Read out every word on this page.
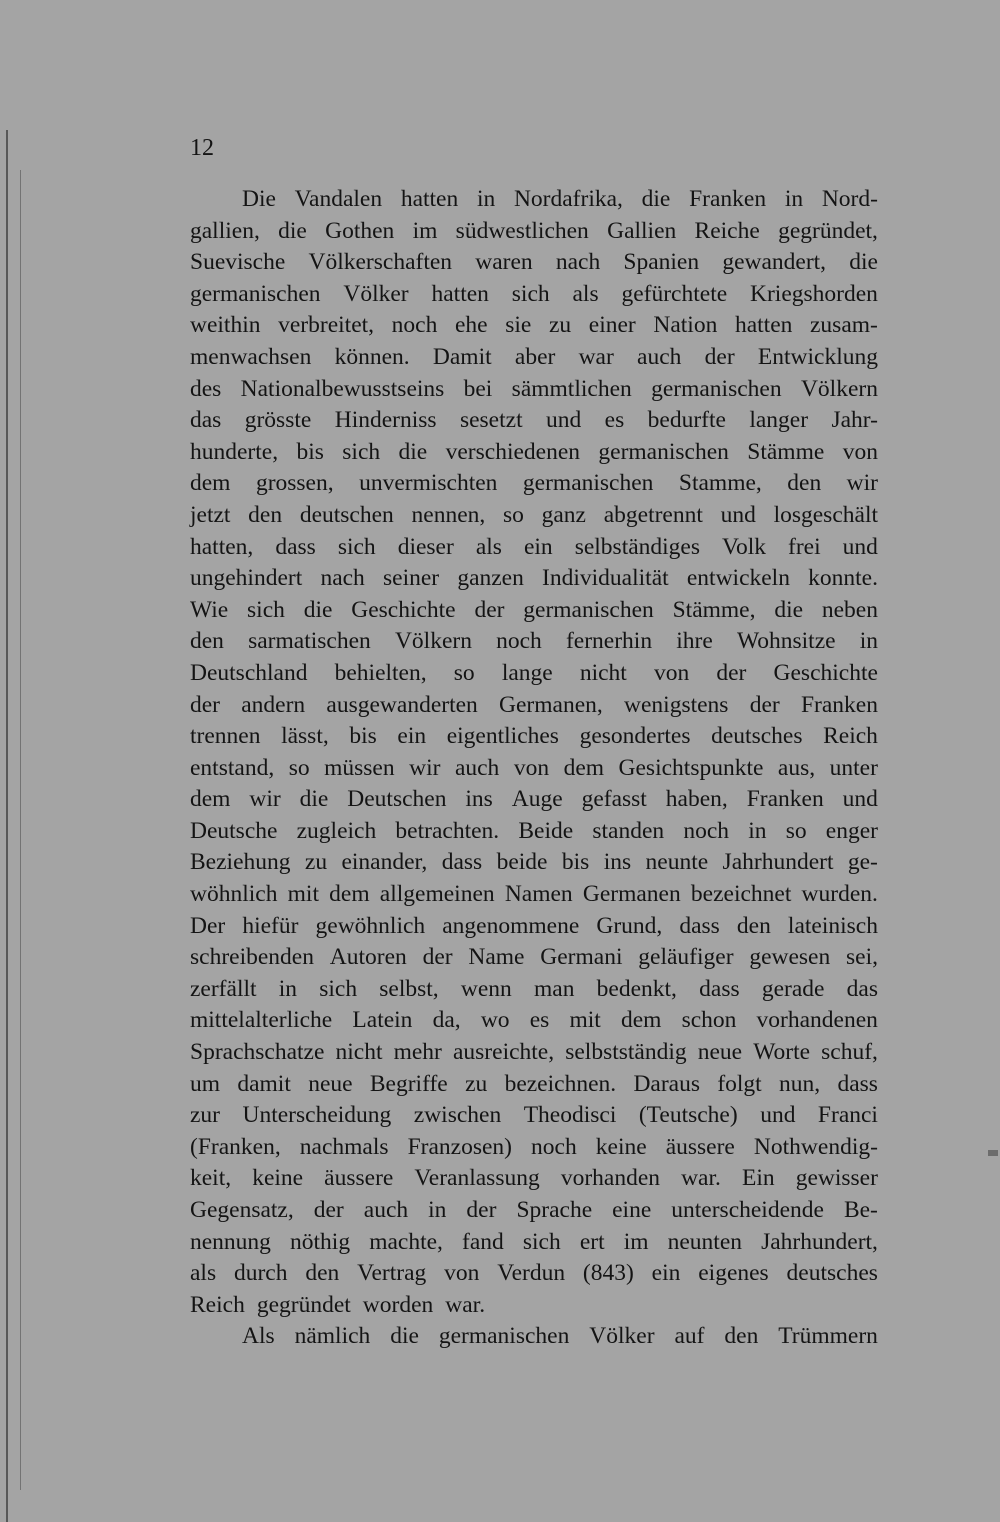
12
Die Vandalen hatten in Nordafrika, die Franken in Nord-
gallien, die Gothen im südwestlichen Gallien Reiche gegründet,
Suevische Völkerschaften waren nach Spanien gewandert, die
germanischen Völker hatten sich als gefürchtete Kriegshorden
weithin verbreitet, noch ehe sie zu einer Nation hatten zusam-
menwachsen können. Damit aber war auch der Entwicklung
des Nationalbewusstseins bei sämmtlichen germanischen Völkern
das grösste Hinderniss sesetzt und es bedurfte langer Jahr-
hunderte, bis sich die verschiedenen germanischen Stämme von
dem grossen, unvermischten germanischen Stamme, den wir
jetzt den deutschen nennen, so ganz abgetrennt und losgeschält
hatten, dass sich dieser als ein selbständiges Volk frei und
ungehindert nach seiner ganzen Individualität entwickeln konnte.
Wie sich die Geschichte der germanischen Stämme, die neben
den sarmatischen Völkern noch fernerhin ihre Wohnsitze in
Deutschland behielten, so lange nicht von der Geschichte
der andern ausgewanderten Germanen, wenigstens der Franken
trennen lässt, bis ein eigentliches gesondertes deutsches Reich
entstand, so müssen wir auch von dem Gesichtspunkte aus, unter
dem wir die Deutschen ins Auge gefasst haben, Franken und
Deutsche zugleich betrachten. Beide standen noch in so enger
Beziehung zu einander, dass beide bis ins neunte Jahrhundert ge-
wöhnlich mit dem allgemeinen Namen Germanen bezeichnet wurden.
Der hiefür gewöhnlich angenommene Grund, dass den lateinisch
schreibenden Autoren der Name Germani geläufiger gewesen sei,
zerfällt in sich selbst, wenn man bedenkt, dass gerade das
mittelalterliche Latein da, wo es mit dem schon vorhandenen
Sprachschatze nicht mehr ausreichte, selbstständig neue Worte schuf,
um damit neue Begriffe zu bezeichnen. Daraus folgt nun, dass
zur Unterscheidung zwischen Theodisci (Teutsche) und Franci
(Franken, nachmals Franzosen) noch keine äussere Nothwendig-
keit, keine äussere Veranlassung vorhanden war. Ein gewisser
Gegensatz, der auch in der Sprache eine unterscheidende Be-
nennung nöthig machte, fand sich ert im neunten Jahrhundert,
als durch den Vertrag von Verdun (843) ein eigenes deutsches
Reich gegründet worden war.
Als nämlich die germanischen Völker auf den Trümmern
